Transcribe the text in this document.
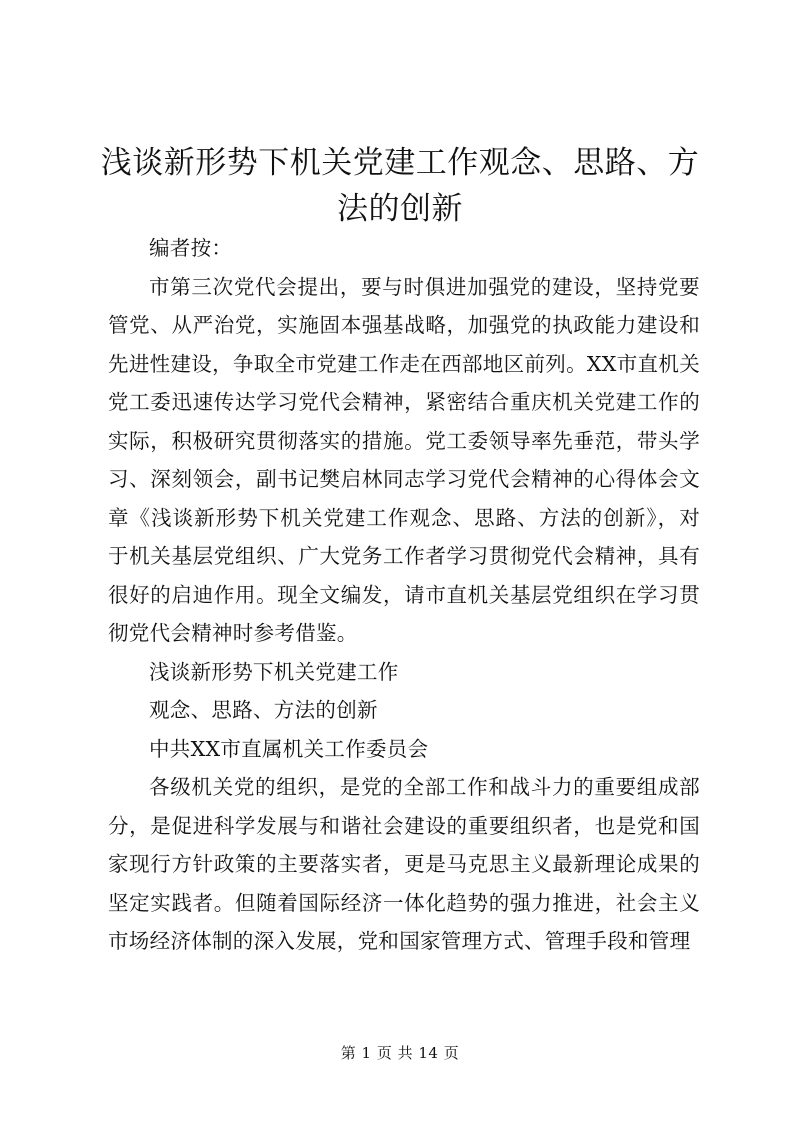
浅谈新形势下机关党建工作观念、思路、方法的创新

编者按：

市第三次党代会提出，要与时俱进加强党的建设，坚持党要管党、从严治党，实施固本强基战略，加强党的执政能力建设和先进性建设，争取全市党建工作走在西部地区前列。XX市直机关党工委迅速传达学习党代会精神，紧密结合重庆机关党建工作的实际，积极研究贯彻落实的措施。党工委领导率先垂范，带头学习、深刻领会，副书记樊启林同志学习党代会精神的心得体会文章《浅谈新形势下机关党建工作观念、思路、方法的创新》，对于机关基层党组织、广大党务工作者学习贯彻党代会精神，具有很好的启迪作用。现全文编发，请市直机关基层党组织在学习贯彻党代会精神时参考借鉴。

浅谈新形势下机关党建工作

观念、思路、方法的创新

中共XX市直属机关工作委员会

各级机关党的组织，是党的全部工作和战斗力的重要组成部分，是促进科学发展与和谐社会建设的重要组织者，也是党和国家现行方针政策的主要落实者，更是马克思主义最新理论成果的坚定实践者。但随着国际经济一体化趋势的强力推进，社会主义市场经济体制的深入发展，党和国家管理方式、管理手段和管理

第 1 页 共 14 页
